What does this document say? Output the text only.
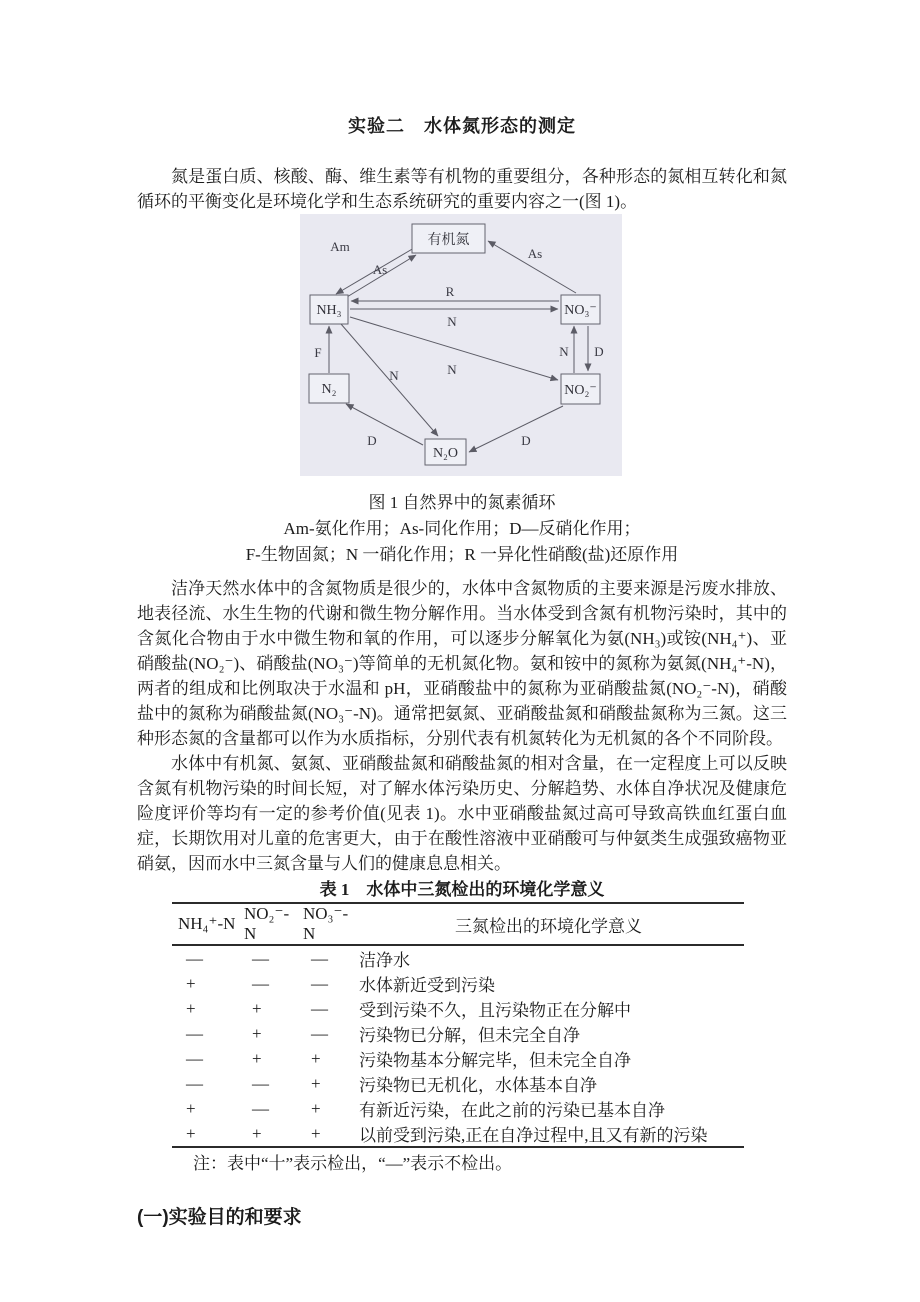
实验二　水体氮形态的测定

氮是蛋白质、核酸、酶、维生素等有机物的重要组分，各种形态的氮相互转化和氮循环的平衡变化是环境化学和生态系统研究的重要内容之一(图 1)。

Am
As
As
R
N
F
N	N
N D
D	D
有机氮
NH₃	NO₃⁻
N₂	NO₂⁻
N₂O

图 1 自然界中的氮素循环

Am-氨化作用；As-同化作用；D—反硝化作用；

F-生物固氮；N 一硝化作用；R 一异化性硝酸(盐)还原作用

洁净天然水体中的含氮物质是很少的，水体中含氮物质的主要来源是污废水排放、地表径流、水生生物的代谢和微生物分解作用。当水体受到含氮有机物污染时，其中的含氮化合物由于水中微生物和氧的作用，可以逐步分解氧化为氨(NH₃)或铵(NH₄⁺)、亚硝酸盐(NO₂⁻)、硝酸盐(NO₃⁻)等简单的无机氮化物。氨和铵中的氮称为氨氮(NH₄⁺-N)，两者的组成和比例取决于水温和 pH，亚硝酸盐中的氮称为亚硝酸盐氮(NO₂⁻-N)，硝酸盐中的氮称为硝酸盐氮(NO₃⁻-N)。通常把氨氮、亚硝酸盐氮和硝酸盐氮称为三氮。这三种形态氮的含量都可以作为水质指标，分别代表有机氮转化为无机氮的各个不同阶段。

水体中有机氮、氨氮、亚硝酸盐氮和硝酸盐氮的相对含量，在一定程度上可以反映含氮有机物污染的时间长短，对了解水体污染历史、分解趋势、水体自净状况及健康危险度评价等均有一定的参考价值(见表 1)。水中亚硝酸盐氮过高可导致高铁血红蛋白血症，长期饮用对儿童的危害更大，由于在酸性溶液中亚硝酸可与仲氨类生成强致癌物亚硝氨，因而水中三氮含量与人们的健康息息相关。

表 1　水体中三氮检出的环境化学意义

NH₄⁺-N	NO₂⁻-N	NO₃⁻-N	三氮检出的环境化学意义
—	—	—	洁净水
+	—	—	水体新近受到污染
+	+	—	受到污染不久，且污染物正在分解中
—	+	—	污染物已分解，但未完全自净
—	+	+	污染物基本分解完毕，但未完全自净
—	—	+	污染物已无机化，水体基本自净
+	—	+	有新近污染，在此之前的污染已基本自净
+	+	+	以前受到污染,正在自净过程中,且又有新的污染

注：表中“十”表示检出，“—”表示不检出。

(一)实验目的和要求
